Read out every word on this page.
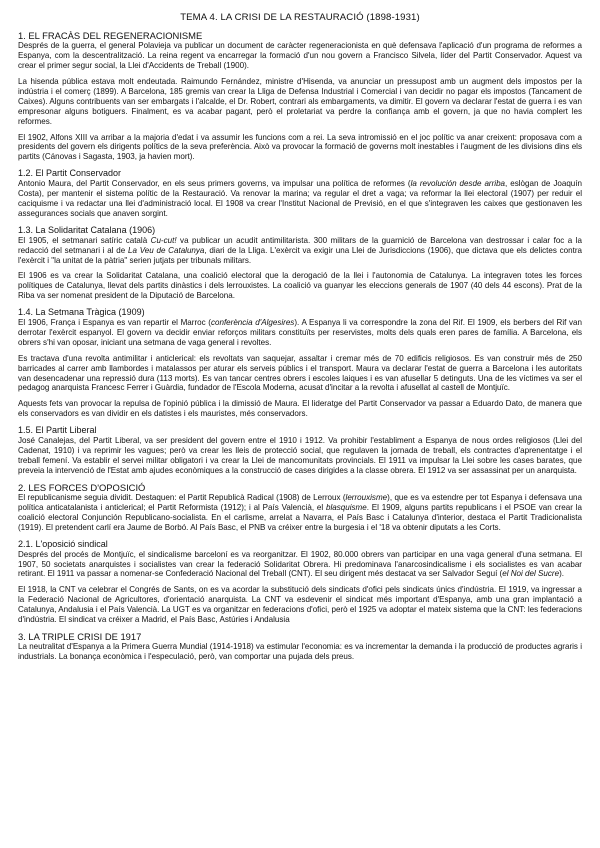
TEMA 4. LA CRISI DE LA RESTAURACIÓ (1898-1931)
1. EL FRACÀS DEL REGENERACIONISME

Després de la guerra, el general Polavieja va publicar un document de caràcter regeneracionista en què defensava l'aplicació d'un programa de reformes a Espanya, com la descentralització. La reina regent va encarregar la formació d'un nou govern a Francisco Silvela, líder del Partit Conservador. Aquest va crear el primer segur social, la Llei d'Accidents de Treball (1900).

La hisenda pública estava molt endeutada. Raimundo Fernández, ministre d'Hisenda, va anunciar un pressupost amb un augment dels impostos per la indústria i el comerç (1899). A Barcelona, 185 gremis van crear la Lliga de Defensa Industrial i Comercial i van decidir no pagar els impostos (Tancament de Caixes). Alguns contribuents van ser embargats i l'alcalde, el Dr. Robert, contrari als embargaments, va dimitir. El govern va declarar l'estat de guerra i es van empresonar alguns botiguers. Finalment, es va acabar pagant, però el proletariat va perdre la confiança amb el govern, ja que no havia complert les reformes.

El 1902, Alfons XIII va arribar a la majoria d'edat i va assumir les funcions com a rei. La seva intromissió en el joc polític va anar creixent: proposava com a presidents del govern els dirigents polítics de la seva preferència. Això va provocar la formació de governs molt inestables i l'augment de les divisions dins els partits (Cánovas i Sagasta, 1903, ja havien mort).

1.2. El Partit Conservador

Antonio Maura, del Partit Conservador, en els seus primers governs, va impulsar una política de reformes (la revolución desde arriba, eslògan de Joaquín Costa), per mantenir el sistema polític de la Restauració. Va renovar la marina; va regular el dret a vaga; va reformar la llei electoral (1907) per reduir el caciquisme i va redactar una llei d'administració local. El 1908 va crear l'Institut Nacional de Previsió, en el que s'integraven les caixes que gestionaven les assegurances socials que anaven sorgint.

1.3. La Solidaritat Catalana (1906)

El 1905, el setmanari satíric català Cu-cut! va publicar un acudit antimilitarista. 300 militars de la guarnició de Barcelona van destrossar i calar foc a la redacció del setmanari i al de La Veu de Catalunya, diari de la Lliga. L'exèrcit va exigir una Llei de Jurisdiccions (1906), que dictava que els delictes contra l'exèrcit i "la unitat de la pàtria" serien jutjats per tribunals militars.

El 1906 es va crear la Solidaritat Catalana, una coalició electoral que la derogació de la llei i l'autonomia de Catalunya. La integraven totes les forces polítiques de Catalunya, llevat dels partits dinàstics i dels lerrouxistes. La coalició va guanyar les eleccions generals de 1907 (40 dels 44 escons). Prat de la Riba va ser nomenat president de la Diputació de Barcelona.

1.4. La Setmana Tràgica (1909)

El 1906, França i Espanya es van repartir el Marroc (conferència d'Algesires). A Espanya li va correspondre la zona del Rif. El 1909, els berbers del Rif van derrotar l'exèrcit espanyol. El govern va decidir enviar reforços militars constituïts per reservistes, molts dels quals eren pares de família. A Barcelona, els obrers s'hi van oposar, iniciant una setmana de vaga general i revoltes.

Es tractava d'una revolta antimilitar i anticlerical: els revoltats van saquejar, assaltar i cremar més de 70 edificis religiosos. Es van construir més de 250 barricades al carrer amb llambordes i matalassos per aturar els serveis públics i el transport. Maura va declarar l'estat de guerra a Barcelona i les autoritats van desencadenar una repressió dura (113 morts). Es van tancar centres obrers i escoles laiques i es van afusellar 5 detinguts. Una de les víctimes va ser el pedagog anarquista Francesc Ferrer i Guàrdia, fundador de l'Escola Moderna, acusat d'incitar a la revolta i afusellat al castell de Montjuïc.

Aquests fets van provocar la repulsa de l'opinió pública i la dimissió de Maura. El lideratge del Partit Conservador va passar a Eduardo Dato, de manera que els conservadors es van dividir en els datistes i els mauristes, més conservadors.

1.5. El Partit Liberal

José Canalejas, del Partit Liberal, va ser president del govern entre el 1910 i 1912. Va prohibir l'establiment a Espanya de nous ordes religiosos (Llei del Cadenat, 1910) i va reprimir les vagues; però va crear les lleis de protecció social, que regulaven la jornada de treball, els contractes d'aprenentatge i el treball femení. Va establir el servei militar obligatori i va crear la Llei de mancomunitats provincials. El 1911 va impulsar la Llei sobre les cases barates, que preveia la intervenció de l'Estat amb ajudes econòmiques a la construcció de cases dirigides a la classe obrera. El 1912 va ser assassinat per un anarquista.

2. LES FORCES D'OPOSICIÓ

El republicanisme seguia dividit. Destaquen: el Partit Republicà Radical (1908) de Lerroux (lerrouxisme), que es va estendre per tot Espanya i defensava una política anticatalanista i anticlerical; el Partit Reformista (1912); i al País Valencià, el blasquisme. El 1909, alguns partits republicans i el PSOE van crear la coalició electoral Conjunción Republicano-socialista. En el carlisme, arrelat a Navarra, el País Basc i Catalunya d'interior, destaca el Partit Tradicionalista (1919). El pretendent carlí era Jaume de Borbó. Al País Basc, el PNB va créixer entre la burgesia i el '18 va obtenir diputats a les Corts.

2.1. L'oposició sindical

Després del procés de Montjuïc, el sindicalisme barceloní es va reorganitzar. El 1902, 80.000 obrers van participar en una vaga general d'una setmana. El 1907, 50 societats anarquistes i socialistes van crear la federació Solidaritat Obrera. Hi predominava l'anarcosindicalisme i els socialistes es van acabar retirant. El 1911 va passar a nomenar-se Confederació Nacional del Treball (CNT). El seu dirigent més destacat va ser Salvador Seguí (el Noi del Sucre).

El 1918, la CNT va celebrar el Congrés de Sants, on es va acordar la substitució dels sindicats d'ofici pels sindicats únics d'indústria. El 1919, va ingressar a la Federació Nacional de Agricultores, d'orientació anarquista. La CNT va esdevenir el sindicat més important d'Espanya, amb una gran implantació a Catalunya, Andalusia i el País Valencià. La UGT es va organitzar en federacions d'ofici, però el 1925 va adoptar el mateix sistema que la CNT: les federacions d'indústria. El sindicat va créixer a Madrid, el País Basc, Astúries i Andalusia

3. LA TRIPLE CRISI DE 1917

La neutralitat d'Espanya a la Primera Guerra Mundial (1914-1918) va estimular l'economia: es va incrementar la demanda i la producció de productes agraris i industrials. La bonança econòmica i l'especulació, però, van comportar una pujada dels preus.
